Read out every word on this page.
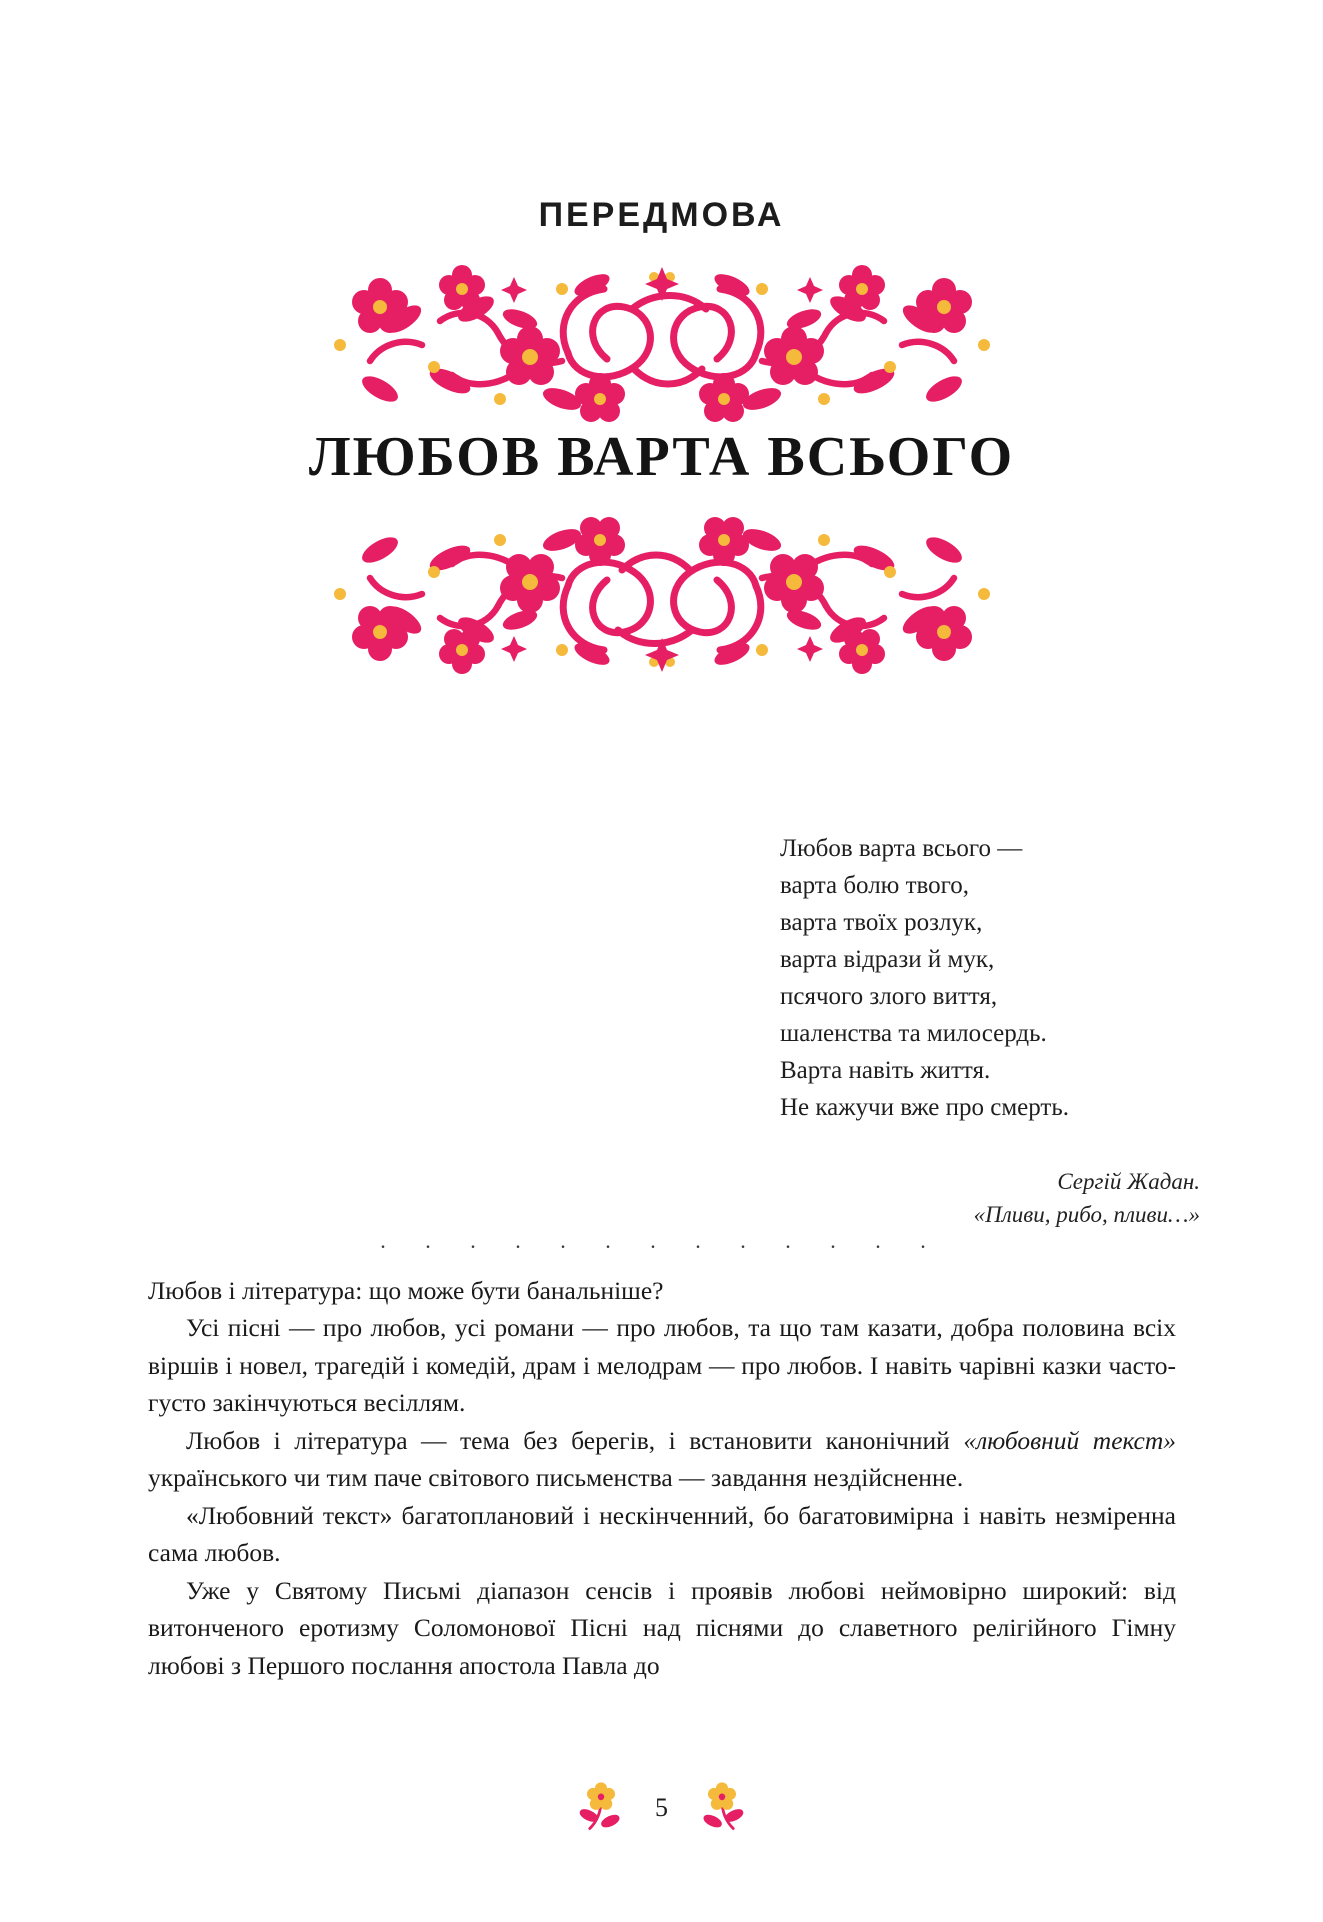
ПЕРЕДМОВА
ЛЮБОВ ВАРТА ВСЬОГО
Любов варта всього —
варта болю твого,
варта твоїх розлук,
варта відрази й мук,
псячого злого виття,
шаленства та милосердь.
Варта навіть життя.
Не кажучи вже про смерть.
Сергій Жадан.
«Пливи, рибо, пливи…»
. . . . . . . . . . . . .

Любов і література: що може бути банальніше?

Усі пісні — про любов, усі романи — про любов, та що там казати, добра половина всіх віршів і новел, трагедій і комедій, драм і мелодрам — про любов. І навіть чарівні казки часто-густо закінчуються весіллям.

Любов і література — тема без берегів, і встановити канонічний «любовний текст» українського чи тим паче світового письменства — завдання нездійсненне.

«Любовний текст» багатоплановий і нескінченний, бо багатовимірна і навіть незміренна сама любов.

Уже у Святому Письмі діапазон сенсів і проявів любові неймовірно широкий: від витонченого еротизму Соломонової Пісні над піснями до славетного релігійного Гімну любові з Першого послання апостола Павла до

5
